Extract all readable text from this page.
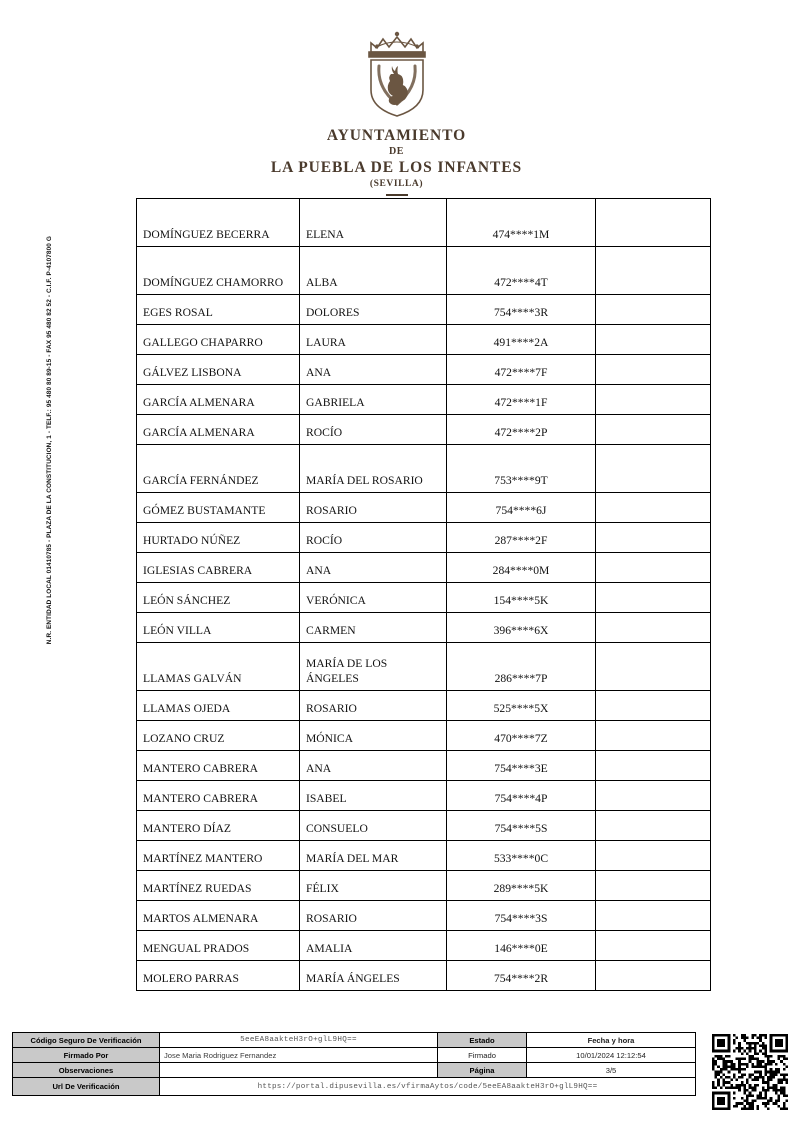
AYUNTAMIENTO
DE
LA PUEBLA DE LOS INFANTES
(SEVILLA)
N.R. ENTIDAD LOCAL 01410785 - PLAZA DE LA CONSTITUCION, 1 - TELF.: 95 480 80 89-15 - FAX 95 480 82 52 - C.I.F. P-4107800 G
DOMÍNGUEZ BECERRA	ELENA	474****1M	
DOMÍNGUEZ CHAMORRO	ALBA	472****4T	
EGES ROSAL	DOLORES	754****3R	
GALLEGO CHAPARRO	LAURA	491****2A	
GÁLVEZ LISBONA	ANA	472****7F	
GARCÍA ALMENARA	GABRIELA	472****1F	
GARCÍA ALMENARA	ROCÍO	472****2P	
GARCÍA FERNÁNDEZ	MARÍA DEL ROSARIO	753****9T	
GÓMEZ BUSTAMANTE	ROSARIO	754****6J	
HURTADO NÚÑEZ	ROCÍO	287****2F	
IGLESIAS CABRERA	ANA	284****0M	
LEÓN SÁNCHEZ	VERÓNICA	154****5K	
LEÓN VILLA	CARMEN	396****6X	
LLAMAS GALVÁN	MARÍA DE LOS ÁNGELES	286****7P	
LLAMAS OJEDA	ROSARIO	525****5X	
LOZANO CRUZ	MÓNICA	470****7Z	
MANTERO CABRERA	ANA	754****3E	
MANTERO CABRERA	ISABEL	754****4P	
MANTERO DÍAZ	CONSUELO	754****5S	
MARTÍNEZ MANTERO	MARÍA DEL MAR	533****0C	
MARTÍNEZ RUEDAS	FÉLIX	289****5K	
MARTOS ALMENARA	ROSARIO	754****3S	
MENGUAL PRADOS	AMALIA	146****0E	
MOLERO PARRAS	MARÍA ÁNGELES	754****2R	
Código Seguro De Verificación	5eeEA8aakteH3rO+glL9HQ==	Estado	Fecha y hora
Firmado Por	Jose Maria Rodriguez Fernandez	Firmado	10/01/2024 12:12:54
Observaciones		Página	3/5
Url De Verificación	https://portal.dipusevilla.es/vfirmaAytos/code/5eeEA8aakteH3rO+glL9HQ==		
